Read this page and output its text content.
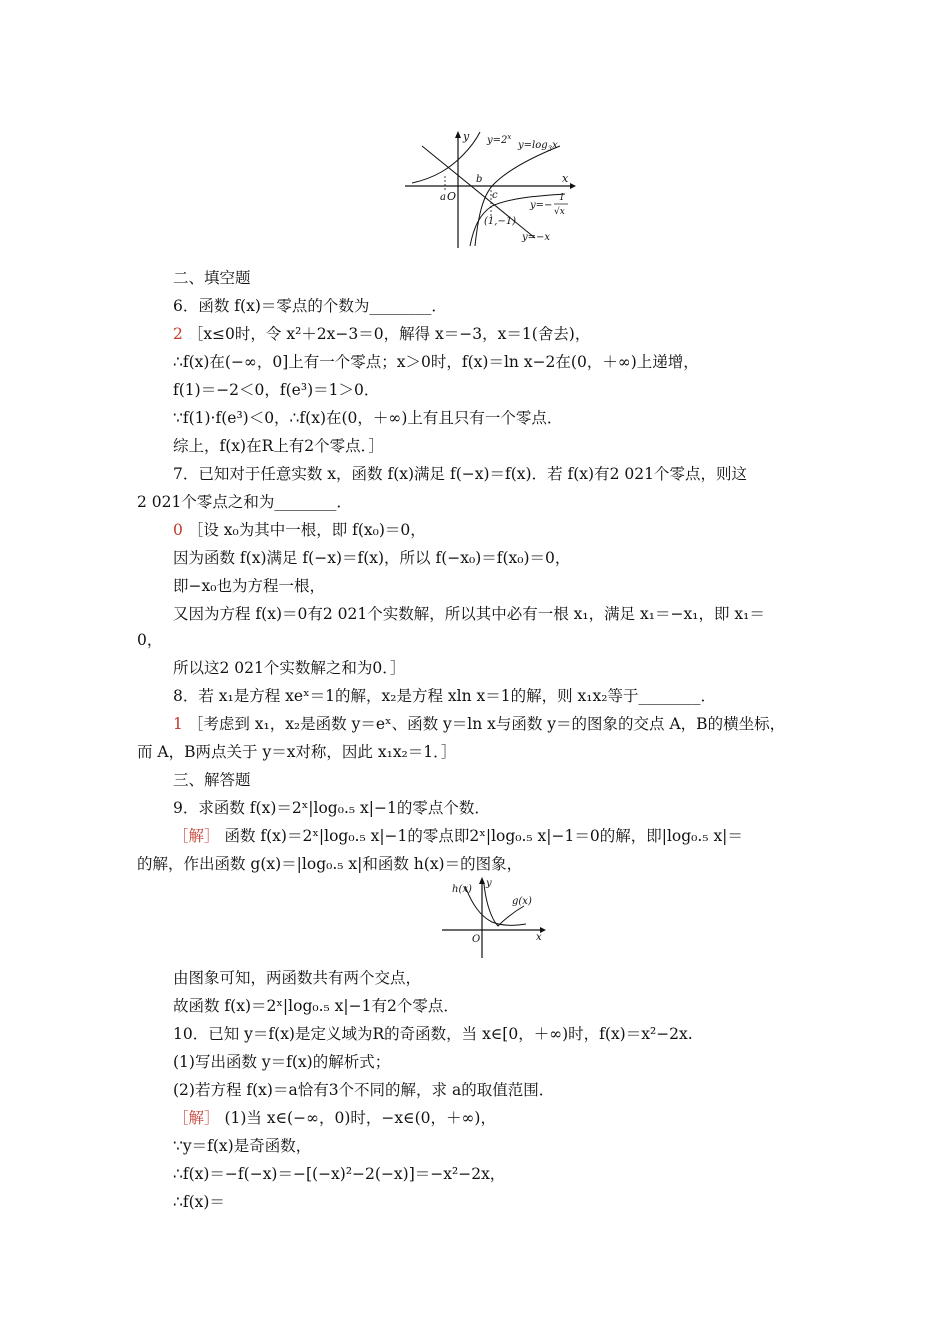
y
x
O
a
b
c
(1,−1)
$y=2^x$
$y=\log_3x$
y=−
1
√x
y=−x
二、填空题
6．函数 f(x)＝零点的个数为________．
2 ［x≤0时，令 x²＋2x−3＝0，解得 x＝−3，x＝1(舍去)，
∴f(x)在(−∞，0]上有一个零点；x＞0时，f(x)＝ln x−2在(0，＋∞)上递增，
f(1)＝−2＜0，f(e³)＝1＞0．
∵f(1)·f(e³)＜0，∴f(x)在(0，＋∞)上有且只有一个零点．
综上，f(x)在R上有2个零点．］
7．已知对于任意实数 x，函数 f(x)满足 f(−x)＝f(x)．若 f(x)有2 021个零点，则这
2 021个零点之和为________．
0 ［设 x₀为其中一根，即 f(x₀)＝0，
因为函数 f(x)满足 f(−x)＝f(x)，所以 f(−x₀)＝f(x₀)＝0，
即−x₀也为方程一根，
又因为方程 f(x)＝0有2 021个实数解，所以其中必有一根 x₁，满足 x₁＝−x₁，即 x₁＝
0，
所以这2 021个实数解之和为0．］
8．若 x₁是方程 xeˣ＝1的解，x₂是方程 xln x＝1的解，则 x₁x₂等于________．
1 ［考虑到 x₁，x₂是函数 y＝eˣ、函数 y＝ln x与函数 y＝的图象的交点 A，B的横坐标，
而 A，B两点关于 y＝x对称，因此 x₁x₂＝1．］
三、解答题
9．求函数 f(x)＝2ˣ|log₀.₅ x|−1的零点个数．
［解］ 函数 f(x)＝2ˣ|log₀.₅ x|−1的零点即2ˣ|log₀.₅ x|−1＝0的解，即|log₀.₅ x|＝
的解，作出函数 g(x)＝|log₀.₅ x|和函数 h(x)＝的图象，
h(x)
g(x)
y
x
O
由图象可知，两函数共有两个交点，
故函数 f(x)＝2ˣ|log₀.₅ x|−1有2个零点．
10．已知 y＝f(x)是定义域为R的奇函数，当 x∈[0，＋∞)时，f(x)＝x²−2x.
(1)写出函数 y＝f(x)的解析式；
(2)若方程 f(x)＝a恰有3个不同的解，求 a的取值范围．
［解］ (1)当 x∈(−∞，0)时，−x∈(0，＋∞)，
∵y＝f(x)是奇函数，
∴f(x)＝−f(−x)＝−[(−x)²−2(−x)]＝−x²−2x，
∴f(x)＝
